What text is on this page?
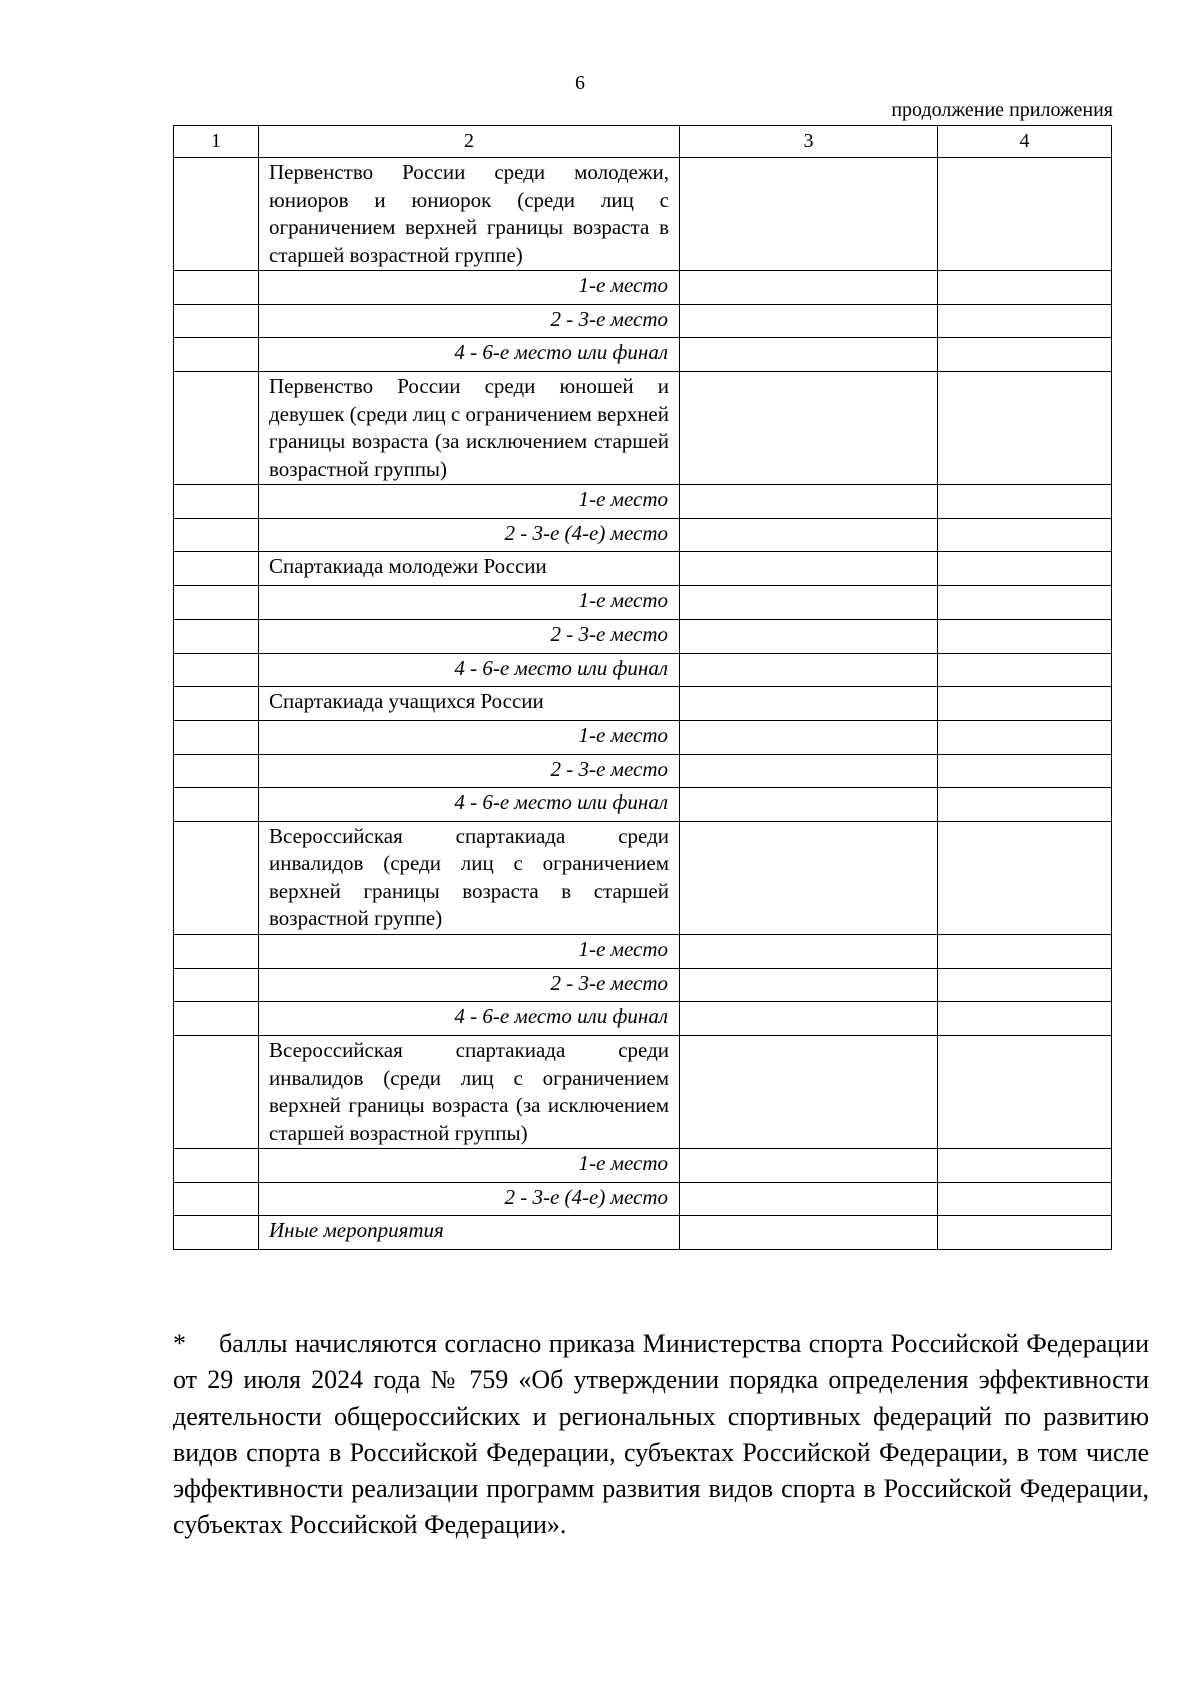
6
продолжение приложения
1	2	3	4
	Первенство России среди молодежи, юниоров и юниорок (среди лиц с ограничением верхней границы возраста в старшей возрастной группе)		
	1-е место		
	2 - 3-е место		
	4 - 6-е место или финал		
	Первенство России среди юношей и девушек (среди лиц с ограничением верхней границы возраста (за исключением старшей возрастной группы)		
	1-е место		
	2 - 3-е (4-е) место		
	Спартакиада молодежи России		
	1-е место		
	2 - 3-е место		
	4 - 6-е место или финал		
	Спартакиада учащихся России		
	1-е место		
	2 - 3-е место		
	4 - 6-е место или финал		
	Всероссийская спартакиада среди инвалидов (среди лиц с ограничением верхней границы возраста в старшей возрастной группе)		
	1-е место		
	2 - 3-е место		
	4 - 6-е место или финал		
	Всероссийская спартакиада среди инвалидов (среди лиц с ограничением верхней границы возраста (за исключением старшей возрастной группы)		
	1-е место		
	2 - 3-е (4-е) место		
	Иные мероприятия		
* баллы начисляются согласно приказа Министерства спорта Российской Федерации от 29 июля 2024 года № 759 «Об утверждении порядка определения эффективности деятельности общероссийских и региональных спортивных федераций по развитию видов спорта в Российской Федерации, субъектах Российской Федерации, в том числе эффективности реализации программ развития видов спорта в Российской Федерации, субъектах Российской Федерации».
